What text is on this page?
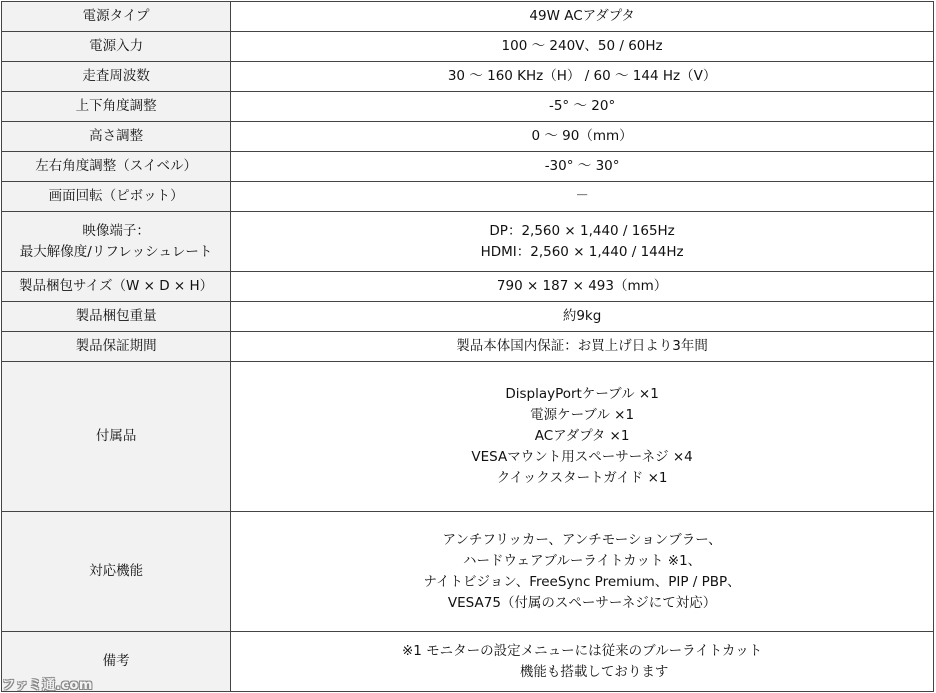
電源タイプ	49W ACアダプタ

電源入力	100 ～ 240V、50 / 60Hz

走査周波数	30 ～ 160 KHz（H） / 60 ～ 144 Hz（V）

上下角度調整	-5° ～ 20°

高さ調整	0 ～ 90（mm）

左右角度調整（スイベル）	-30° ～ 30°

画面回転（ピボット）	－

映像端子：
最大解像度/リフレッシュレート	DP：2,560 × 1,440 / 165Hz
HDMI：2,560 × 1,440 / 144Hz

製品梱包サイズ（W × D × H）	790 × 187 × 493（mm）

製品梱包重量	約9kg

製品保証期間	製品本体国内保証：お買上げ日より3年間

付属品	DisplayPortケーブル ×1
電源ケーブル ×1
ACアダプタ ×1
VESAマウント用スペーサーネジ ×4
クイックスタートガイド ×1

対応機能	アンチフリッカー、アンチモーションブラー、
ハードウェアブルーライトカット ※1、
ナイトビジョン、FreeSync Premium、PIP / PBP、
VESA75（付属のスペーサーネジにて対応）

備考	※1 モニターの設定メニューには従来のブルーライトカット
機能も搭載しております
ファミ通.com
